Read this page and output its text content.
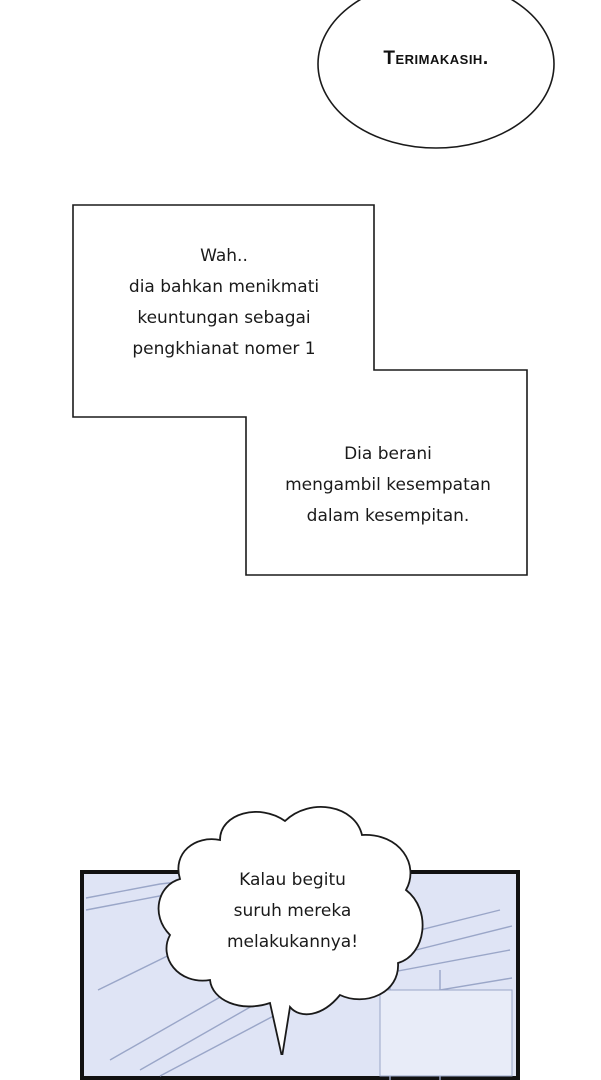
Terimakasih.
Wah..
dia bahkan menikmati
keuntungan sebagai
pengkhianat nomer 1
Dia berani
mengambil kesempatan
dalam kesempitan.
Kalau begitu
suruh mereka
melakukannya!
